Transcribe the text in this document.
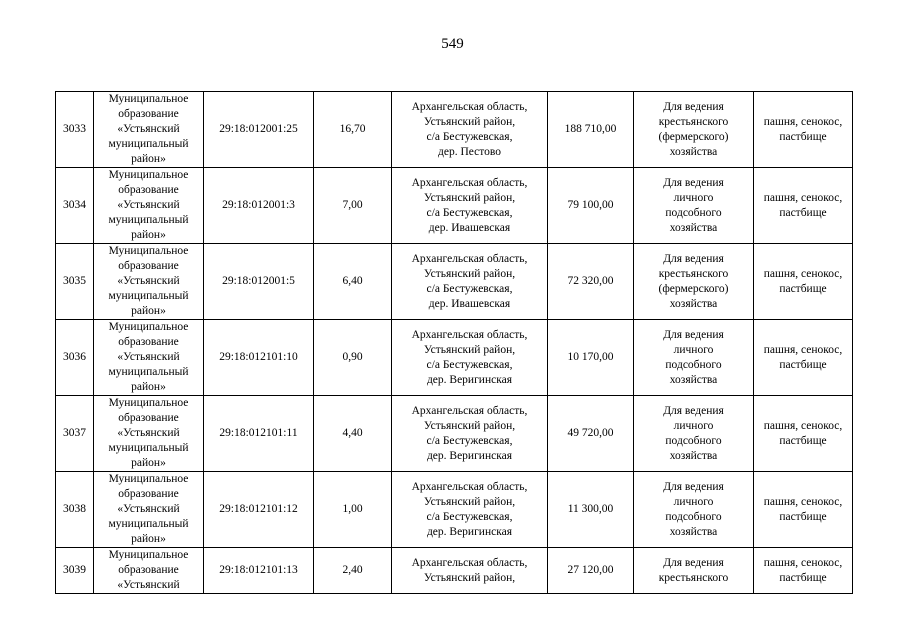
549
3033	Муниципальное
образование
«Устьянский
муниципальный
район»	29:18:012001:25	16,70	Архангельская область,
Устьянский район,
с/а Бестужевская,
дер. Пестово	188 710,00	Для ведения
крестьянского
(фермерского)
хозяйства	пашня, сенокос,
пастбище
3034	Муниципальное
образование
«Устьянский
муниципальный
район»	29:18:012001:3	7,00	Архангельская область,
Устьянский район,
с/а Бестужевская,
дер. Ивашевская	79 100,00	Для ведения
личного
подсобного
хозяйства	пашня, сенокос,
пастбище
3035	Муниципальное
образование
«Устьянский
муниципальный
район»	29:18:012001:5	6,40	Архангельская область,
Устьянский район,
с/а Бестужевская,
дер. Ивашевская	72 320,00	Для ведения
крестьянского
(фермерского)
хозяйства	пашня, сенокос,
пастбище
3036	Муниципальное
образование
«Устьянский
муниципальный
район»	29:18:012101:10	0,90	Архангельская область,
Устьянский район,
с/а Бестужевская,
дер. Веригинская	10 170,00	Для ведения
личного
подсобного
хозяйства	пашня, сенокос,
пастбище
3037	Муниципальное
образование
«Устьянский
муниципальный
район»	29:18:012101:11	4,40	Архангельская область,
Устьянский район,
с/а Бестужевская,
дер. Веригинская	49 720,00	Для ведения
личного
подсобного
хозяйства	пашня, сенокос,
пастбище
3038	Муниципальное
образование
«Устьянский
муниципальный
район»	29:18:012101:12	1,00	Архангельская область,
Устьянский район,
с/а Бестужевская,
дер. Веригинская	11 300,00	Для ведения
личного
подсобного
хозяйства	пашня, сенокос,
пастбище
3039	Муниципальное
образование
«Устьянский	29:18:012101:13	2,40	Архангельская область,
Устьянский район,	27 120,00	Для ведения
крестьянского	пашня, сенокос,
пастбище
